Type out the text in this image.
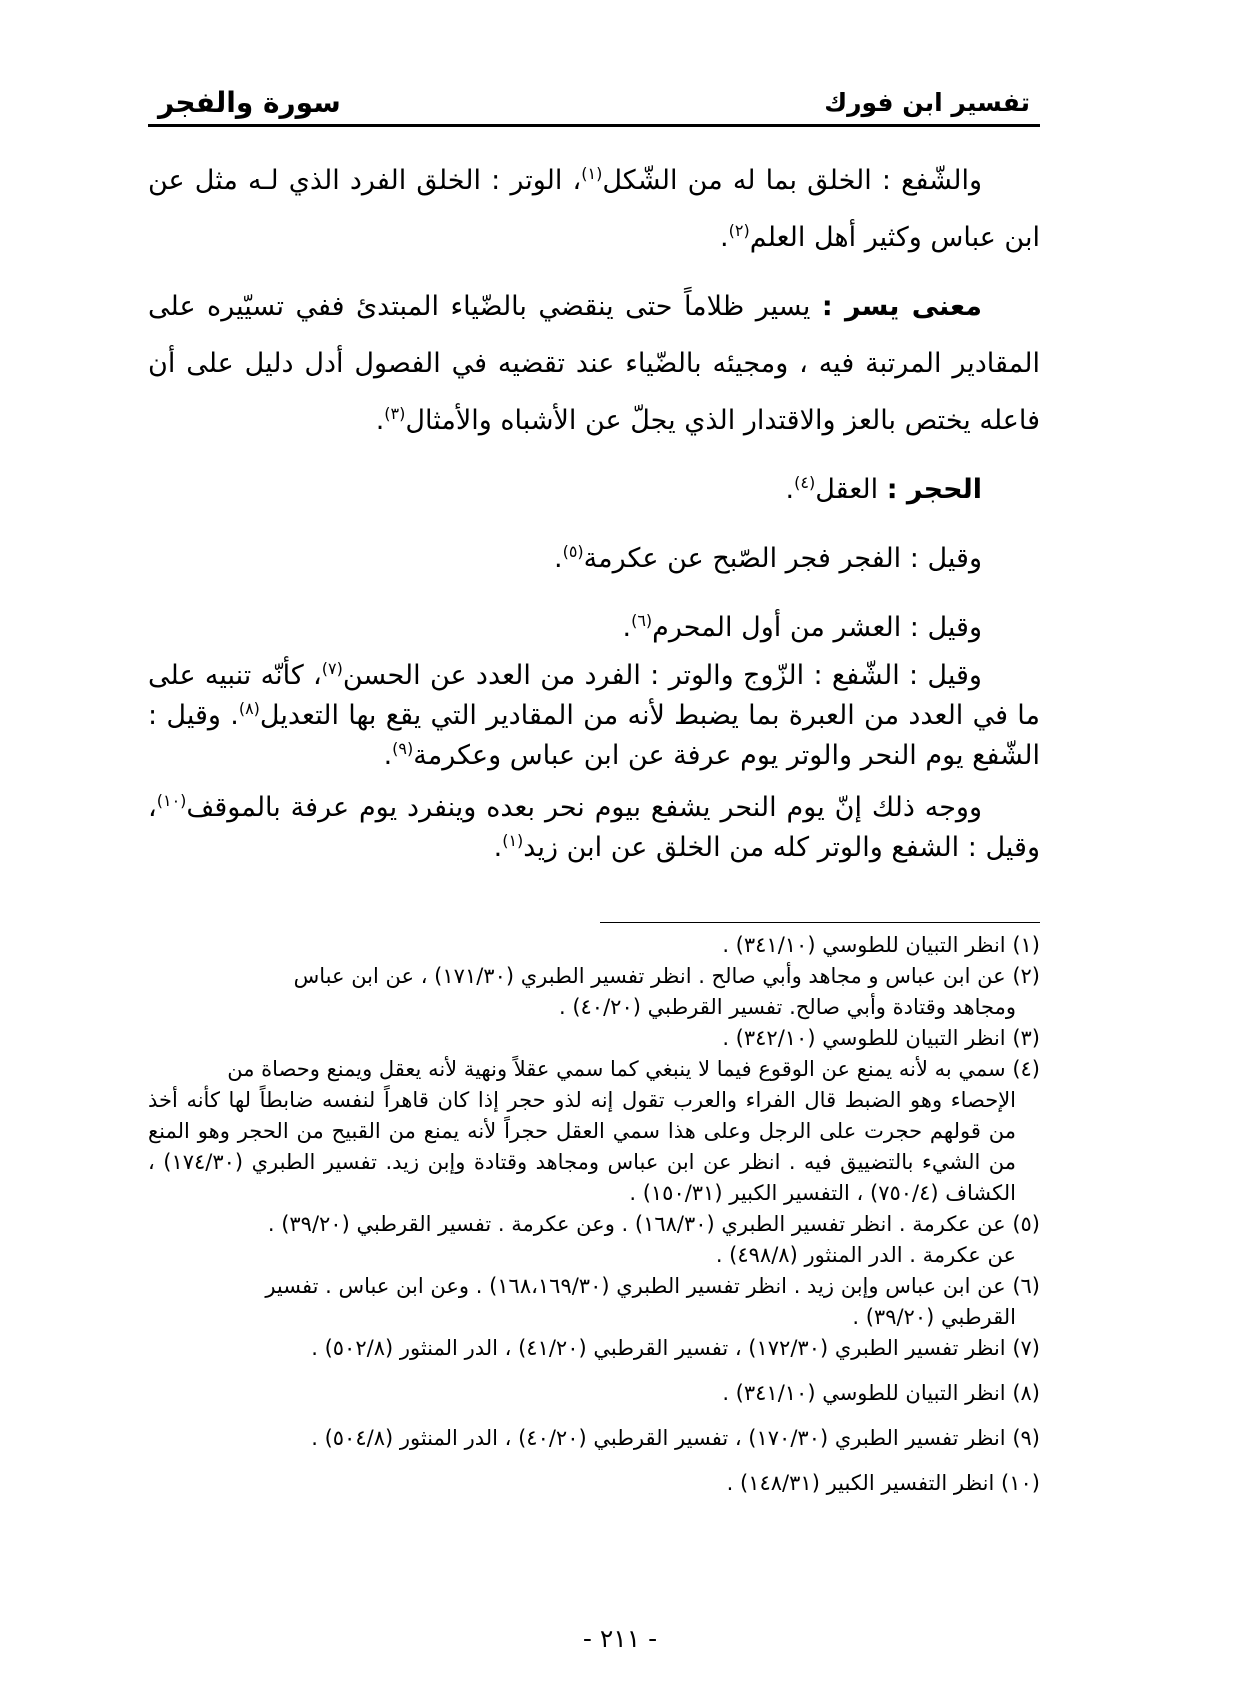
تفسير ابن فورك
سورة والفجر

والشّفع : الخلق بما له من الشّكل$^{(١)}$، الوتر : الخلق الفرد الذي لـه مثل عن ابن عباس وكثير أهل العلم$^{(٢)}$.

معنى يسر : يسير ظلاماً حتى ينقضي بالضّياء المبتدئ ففي تسيّيره على المقادير المرتبة فيه ، ومجيئه بالضّياء عند تقضيه في الفصول أدل دليل على أن فاعله يختص بالعز والاقتدار الذي يجلّ عن الأشباه والأمثال$^{(٣)}$.

الحجر : العقل$^{(٤)}$.

وقيل : الفجر فجر الصّبح عن عكرمة$^{(٥)}$.

وقيل : العشر من أول المحرم$^{(٦)}$.

وقيل : الشّفع : الزّوج والوتر : الفرد من العدد عن الحسن$^{(٧)}$، كأنّه تنبيه على ما في العدد من العبرة بما يضبط لأنه من المقادير التي يقع بها التعديل$^{(٨)}$. وقيل : الشّفع يوم النحر والوتر يوم عرفة عن ابن عباس وعكرمة$^{(٩)}$.

ووجه ذلك إنّ يوم النحر يشفع بيوم نحر بعده وينفرد يوم عرفة بالموقف$^{(١٠)}$، وقيل : الشفع والوتر كله من الخلق عن ابن زيد$^{(١)}$.

(١) انظر التبيان للطوسي (٣٤١/١٠) .

(٢) عن ابن عباس و مجاهد وأبي صالح . انظر تفسير الطبري (١٧١/٣٠) ، عن ابن عباس
ومجاهد وقتادة وأبي صالح. تفسير القرطبي (٤٠/٢٠) .

(٣) انظر التبيان للطوسي (٣٤٢/١٠) .

(٤) سمي به لأنه يمنع عن الوقوع فيما لا ينبغي كما سمي عقلاً ونهية لأنه يعقل ويمنع وحصاة من
الإحصاء وهو الضبط قال الفراء والعرب تقول إنه لذو حجر إذا كان قاهراً لنفسه ضابطاً لها كأنه أخذ من قولهم حجرت على الرجل وعلى هذا سمي العقل حجراً لأنه يمنع من القبيح من الحجر وهو المنع من الشيء بالتضييق فيه . انظر عن ابن عباس ومجاهد وقتادة وإبن زيد. تفسير الطبري (١٧٤/٣٠) ، الكشاف (٧٥٠/٤) ، التفسير الكبير (١٥٠/٣١) .

(٥) عن عكرمة . انظر تفسير الطبري (١٦٨/٣٠) . وعن عكرمة . تفسير القرطبي (٣٩/٢٠) .
عن عكرمة . الدر المنثور (٤٩٨/٨) .

(٦) عن ابن عباس وإبن زيد . انظر تفسير الطبري (١٦٨،١٦٩/٣٠) . وعن ابن عباس . تفسير
القرطبي (٣٩/٢٠) .

(٧) انظر تفسير الطبري (١٧٢/٣٠) ، تفسير القرطبي (٤١/٢٠) ، الدر المنثور (٥٠٢/٨) .

(٨) انظر التبيان للطوسي (٣٤١/١٠) .

(٩) انظر تفسير الطبري (١٧٠/٣٠) ، تفسير القرطبي (٤٠/٢٠) ، الدر المنثور (٥٠٤/٨) .

(١٠) انظر التفسير الكبير (١٤٨/٣١) .

- ٢١١ -
